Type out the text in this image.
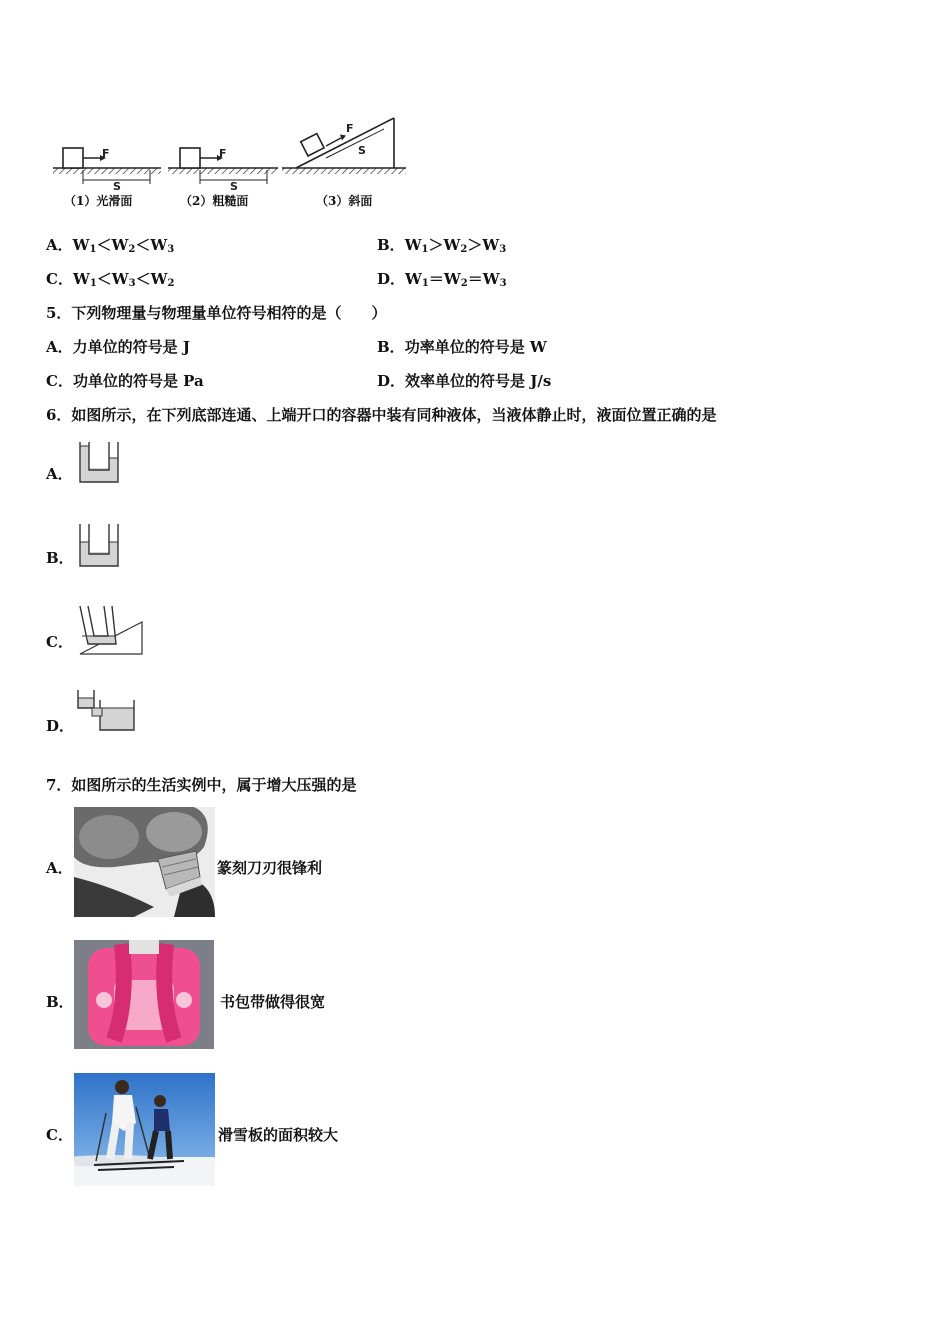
F
S
F
S
F
S
（1）光滑面	（2）粗糙面	（3）斜面
A．$W_1<W_2<W_3$	B．$W_1>W_2>W_3$
C．$W_1<W_3<W_2$	D．$W_1=W_2=W_3$
5．下列物理量与物理量单位符号相符的是（　　）
A．力单位的符号是 J	B．功率单位的符号是 W
C．功单位的符号是 Pa	D．效率单位的符号是 J/s
6．如图所示，在下列底部连通、上端开口的容器中装有同种液体，当液体静止时，液面位置正确的是
A．
B．
C．
D．
7．如图所示的生活实例中，属于增大压强的是
A．	篆刻刀刃很锋利
B．	书包带做得很宽
C．	滑雪板的面积较大
